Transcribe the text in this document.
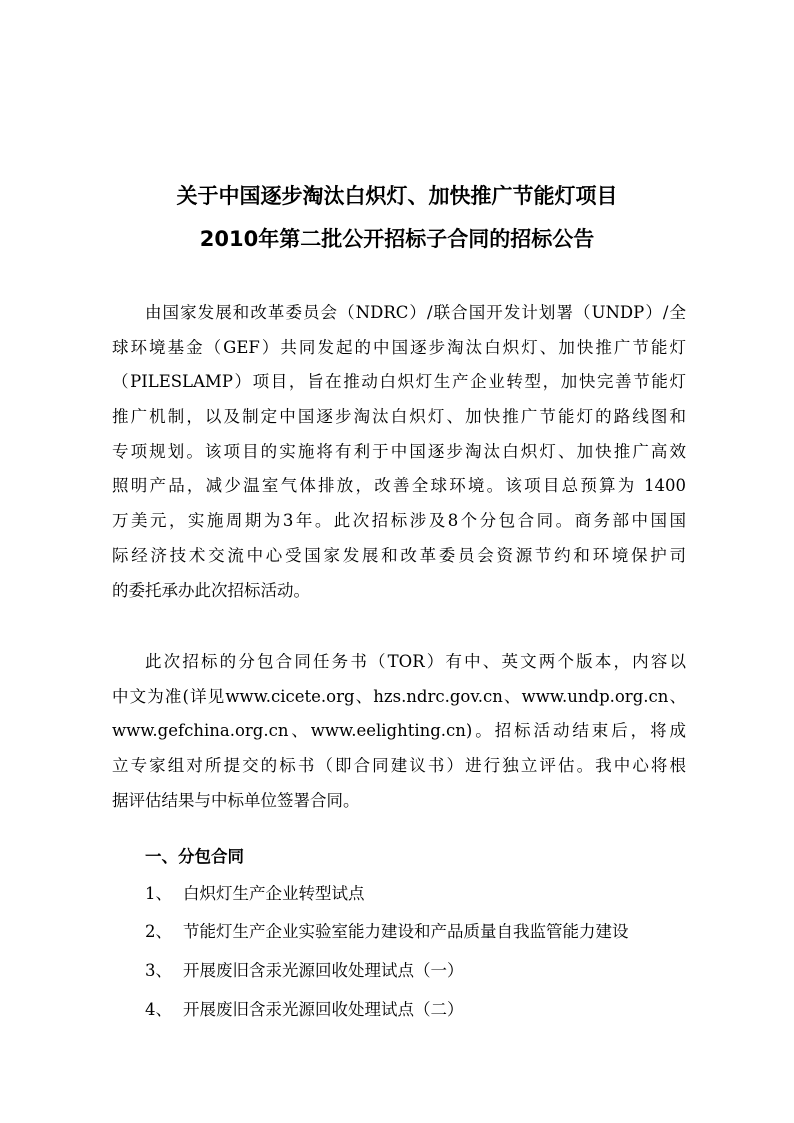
关于中国逐步淘汰白炽灯、加快推广节能灯项目
2010年第二批公开招标子合同的招标公告
由国家发展和改革委员会（NDRC）/联合国开发计划署（UNDP）/全
球环境基金（GEF）共同发起的中国逐步淘汰白炽灯、加快推广节能灯
（PILESLAMP）项目，旨在推动白炽灯生产企业转型，加快完善节能灯
推广机制，以及制定中国逐步淘汰白炽灯、加快推广节能灯的路线图和
专项规划。该项目的实施将有利于中国逐步淘汰白炽灯、加快推广高效
照明产品，减少温室气体排放，改善全球环境。该项目总预算为 1400
万美元，实施周期为3年。此次招标涉及8个分包合同。商务部中国国
际经济技术交流中心受国家发展和改革委员会资源节约和环境保护司
的委托承办此次招标活动。
此次招标的分包合同任务书（TOR）有中、英文两个版本，内容以
中文为准(详见www.cicete.org、hzs.ndrc.gov.cn、www.undp.org.cn、
www.gefchina.org.cn、www.eelighting.cn)。招标活动结束后，将成
立专家组对所提交的标书（即合同建议书）进行独立评估。我中心将根
据评估结果与中标单位签署合同。
一、分包合同
1、 白炽灯生产企业转型试点
2、 节能灯生产企业实验室能力建设和产品质量自我监管能力建设
3、 开展废旧含汞光源回收处理试点（一）
4、 开展废旧含汞光源回收处理试点（二）
